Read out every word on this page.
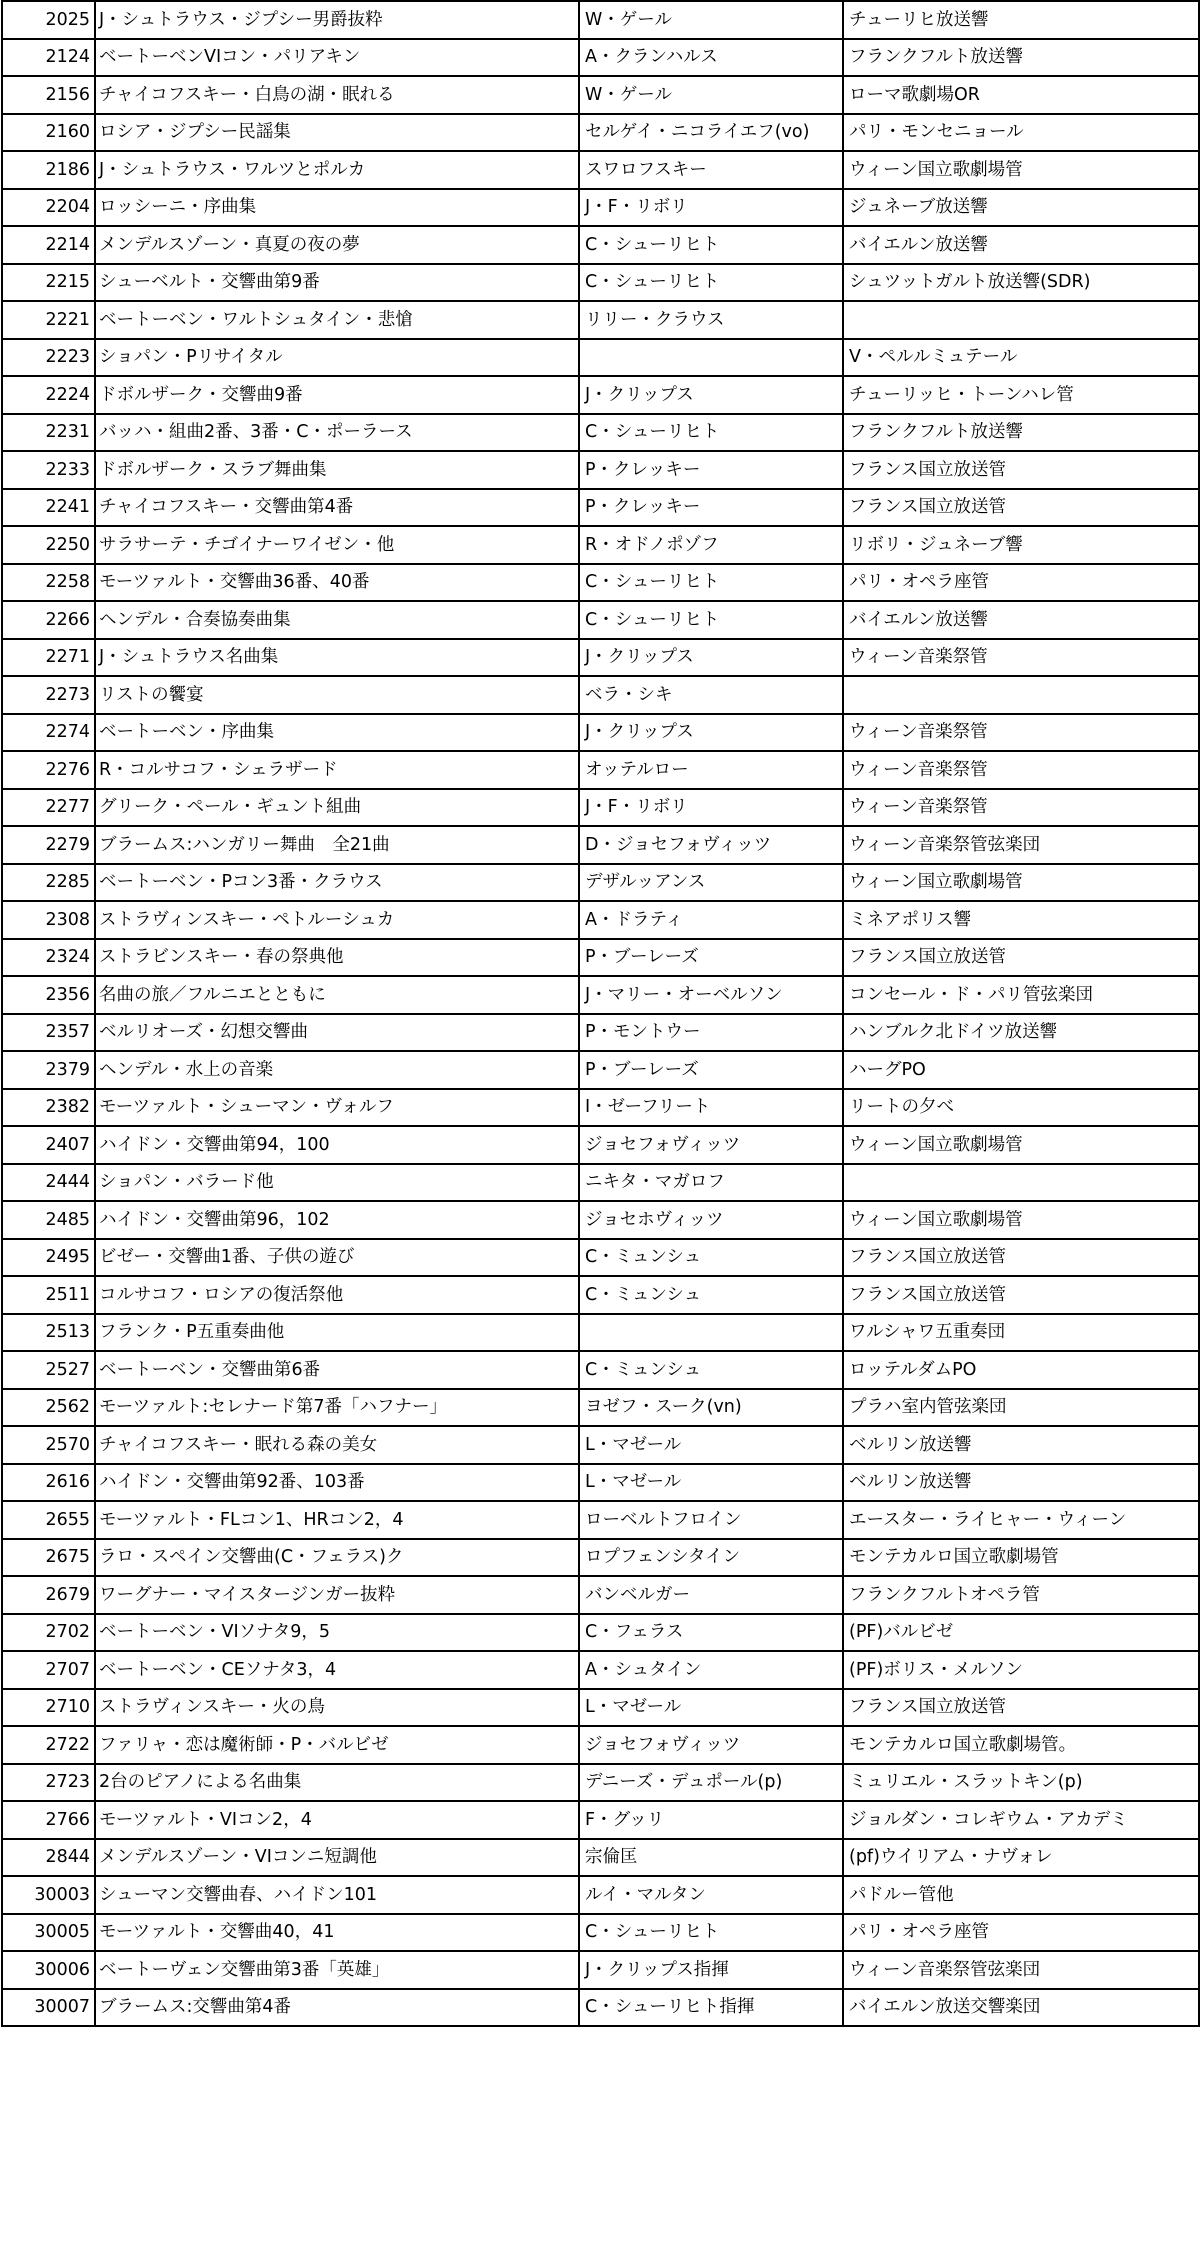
2025	J・シュトラウス・ジプシー男爵抜粋	W・ゲール	チューリヒ放送響
2124	ベートーベンVIコン・パリアキン	A・クランハルス	フランクフルト放送響
2156	チャイコフスキー・白鳥の湖・眠れる	W・ゲール	ローマ歌劇場OR
2160	ロシア・ジプシー民謡集	セルゲイ・ニコライエフ(vo)	パリ・モンセニョール
2186	J・シュトラウス・ワルツとポルカ	スワロフスキー	ウィーン国立歌劇場管
2204	ロッシーニ・序曲集	J・F・リボリ	ジュネーブ放送響
2214	メンデルスゾーン・真夏の夜の夢	C・シューリヒト	バイエルン放送響
2215	シューベルト・交響曲第9番	C・シューリヒト	シュツットガルト放送響(SDR)
2221	ベートーベン・ワルトシュタイン・悲愴	リリー・クラウス	
2223	ショパン・Pリサイタル		V・ペルルミュテール
2224	ドボルザーク・交響曲9番	J・クリップス	チューリッヒ・トーンハレ管
2231	バッハ・組曲2番、3番・C・ポーラース	C・シューリヒト	フランクフルト放送響
2233	ドボルザーク・スラブ舞曲集	P・クレッキー	フランス国立放送管
2241	チャイコフスキー・交響曲第4番	P・クレッキー	フランス国立放送管
2250	サラサーテ・チゴイナーワイゼン・他	R・オドノポゾフ	リボリ・ジュネーブ響
2258	モーツァルト・交響曲36番、40番	C・シューリヒト	パリ・オペラ座管
2266	ヘンデル・合奏協奏曲集	C・シューリヒト	バイエルン放送響
2271	J・シュトラウス名曲集	J・クリップス	ウィーン音楽祭管
2273	リストの饗宴	ベラ・シキ	
2274	ベートーベン・序曲集	J・クリップス	ウィーン音楽祭管
2276	R・コルサコフ・シェラザード	オッテルロー	ウィーン音楽祭管
2277	グリーク・ペール・ギュント組曲	J・F・リボリ	ウィーン音楽祭管
2279	ブラームス:ハンガリー舞曲　全21曲	D・ジョセフォヴィッツ	ウィーン音楽祭管弦楽団
2285	ベートーベン・Pコン3番・クラウス	デザルッアンス	ウィーン国立歌劇場管
2308	ストラヴィンスキー・ペトルーシュカ	A・ドラティ	ミネアポリス響
2324	ストラビンスキー・春の祭典他	P・ブーレーズ	フランス国立放送管
2356	名曲の旅／フルニエとともに	J・マリー・オーベルソン	コンセール・ド・パリ管弦楽団
2357	ベルリオーズ・幻想交響曲	P・モントウー	ハンブルク北ドイツ放送響
2379	ヘンデル・水上の音楽	P・ブーレーズ	ハーグPO
2382	モーツァルト・シューマン・ヴォルフ	I・ゼーフリート	リートの夕べ
2407	ハイドン・交響曲第94，100	ジョセフォヴィッツ	ウィーン国立歌劇場管
2444	ショパン・バラード他	ニキタ・マガロフ	
2485	ハイドン・交響曲第96，102	ジョセホヴィッツ	ウィーン国立歌劇場管
2495	ビゼー・交響曲1番、子供の遊び	C・ミュンシュ	フランス国立放送管
2511	コルサコフ・ロシアの復活祭他	C・ミュンシュ	フランス国立放送管
2513	フランク・P五重奏曲他		ワルシャワ五重奏団
2527	ベートーベン・交響曲第6番	C・ミュンシュ	ロッテルダムPO
2562	モーツァルト:セレナード第7番「ハフナー」	ヨゼフ・スーク(vn)	プラハ室内管弦楽団
2570	チャイコフスキー・眠れる森の美女	L・マゼール	ベルリン放送響
2616	ハイドン・交響曲第92番、103番	L・マゼール	ベルリン放送響
2655	モーツァルト・FLコン1、HRコン2，4	ローベルトフロイン	エースター・ライヒャー・ウィーン
2675	ラロ・スペイン交響曲(C・フェラス)ク	ロプフェンシタイン	モンテカルロ国立歌劇場管
2679	ワーグナー・マイスタージンガー抜粋	バンベルガー	フランクフルトオペラ管
2702	ベートーベン・VIソナタ9，5	C・フェラス	(PF)バルビゼ
2707	ベートーベン・CEソナタ3，4	A・シュタイン	(PF)ボリス・メルソン
2710	ストラヴィンスキー・火の鳥	L・マゼール	フランス国立放送管
2722	ファリャ・恋は魔術師・P・バルビゼ	ジョセフォヴィッツ	モンテカルロ国立歌劇場管。
2723	2台のピアノによる名曲集	デニーズ・デュポール(p)	ミュリエル・スラットキン(p)
2766	モーツァルト・VIコン2，4	F・グッリ	ジョルダン・コレギウム・アカデミ
2844	メンデルスゾーン・VIコンニ短調他	宗倫匡	(pf)ウイリアム・ナヴォレ
30003	シューマン交響曲春、ハイドン101	ルイ・マルタン	パドルー管他
30005	モーツァルト・交響曲40，41	C・シューリヒト	パリ・オペラ座管
30006	ベートーヴェン交響曲第3番「英雄」	J・クリップス指揮	ウィーン音楽祭管弦楽団
30007	ブラームス:交響曲第4番	C・シューリヒト指揮	バイエルン放送交響楽団
